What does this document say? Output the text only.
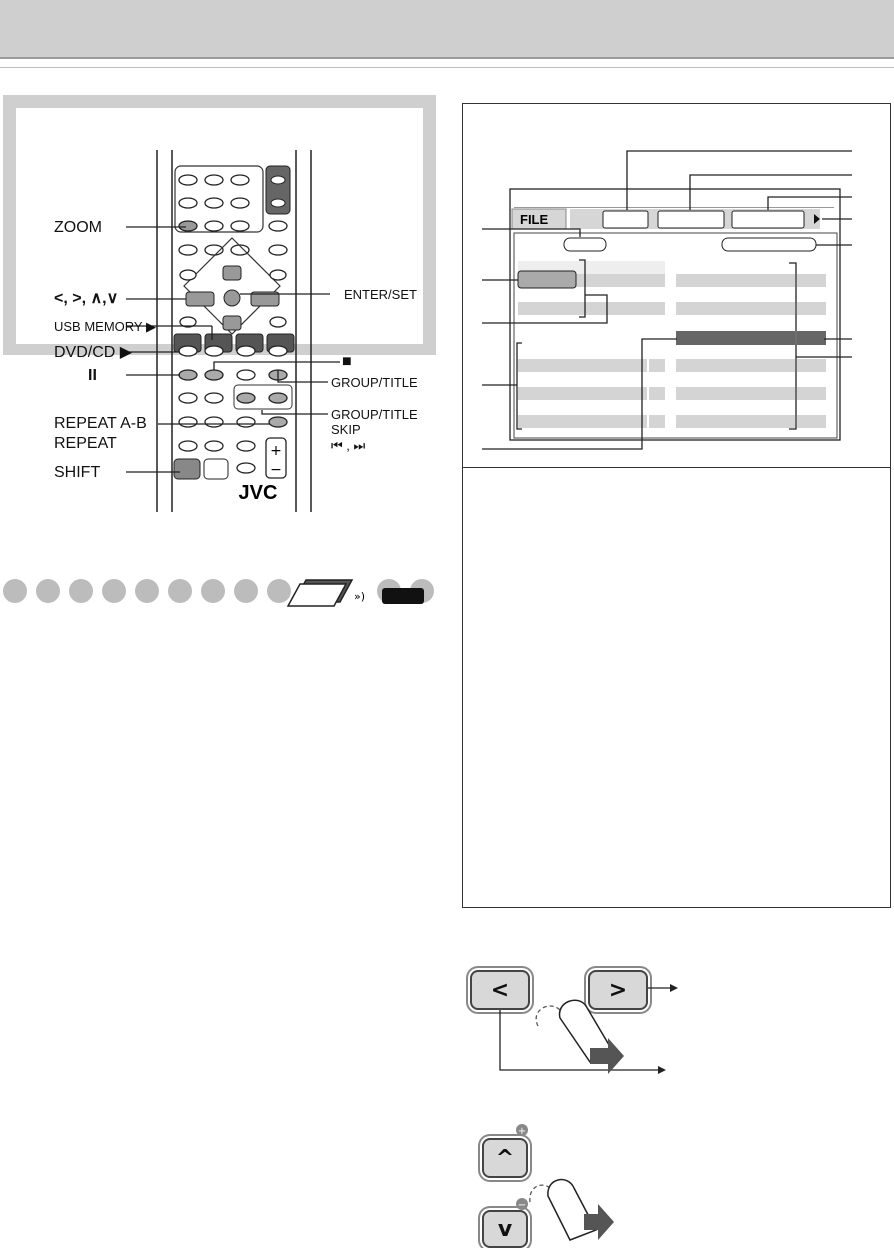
+
−
JVC
ZOOM
<, >, ∧,∨
USB MEMORY ▶
DVD/CD ▶
II
REPEAT A-B
REPEAT
SHIFT
ENTER/SET
■
GROUP/TITLE
GROUP/TITLE
SKIP
⏮ , ⏭
»)
FILE
<	>
^
v
+
−
